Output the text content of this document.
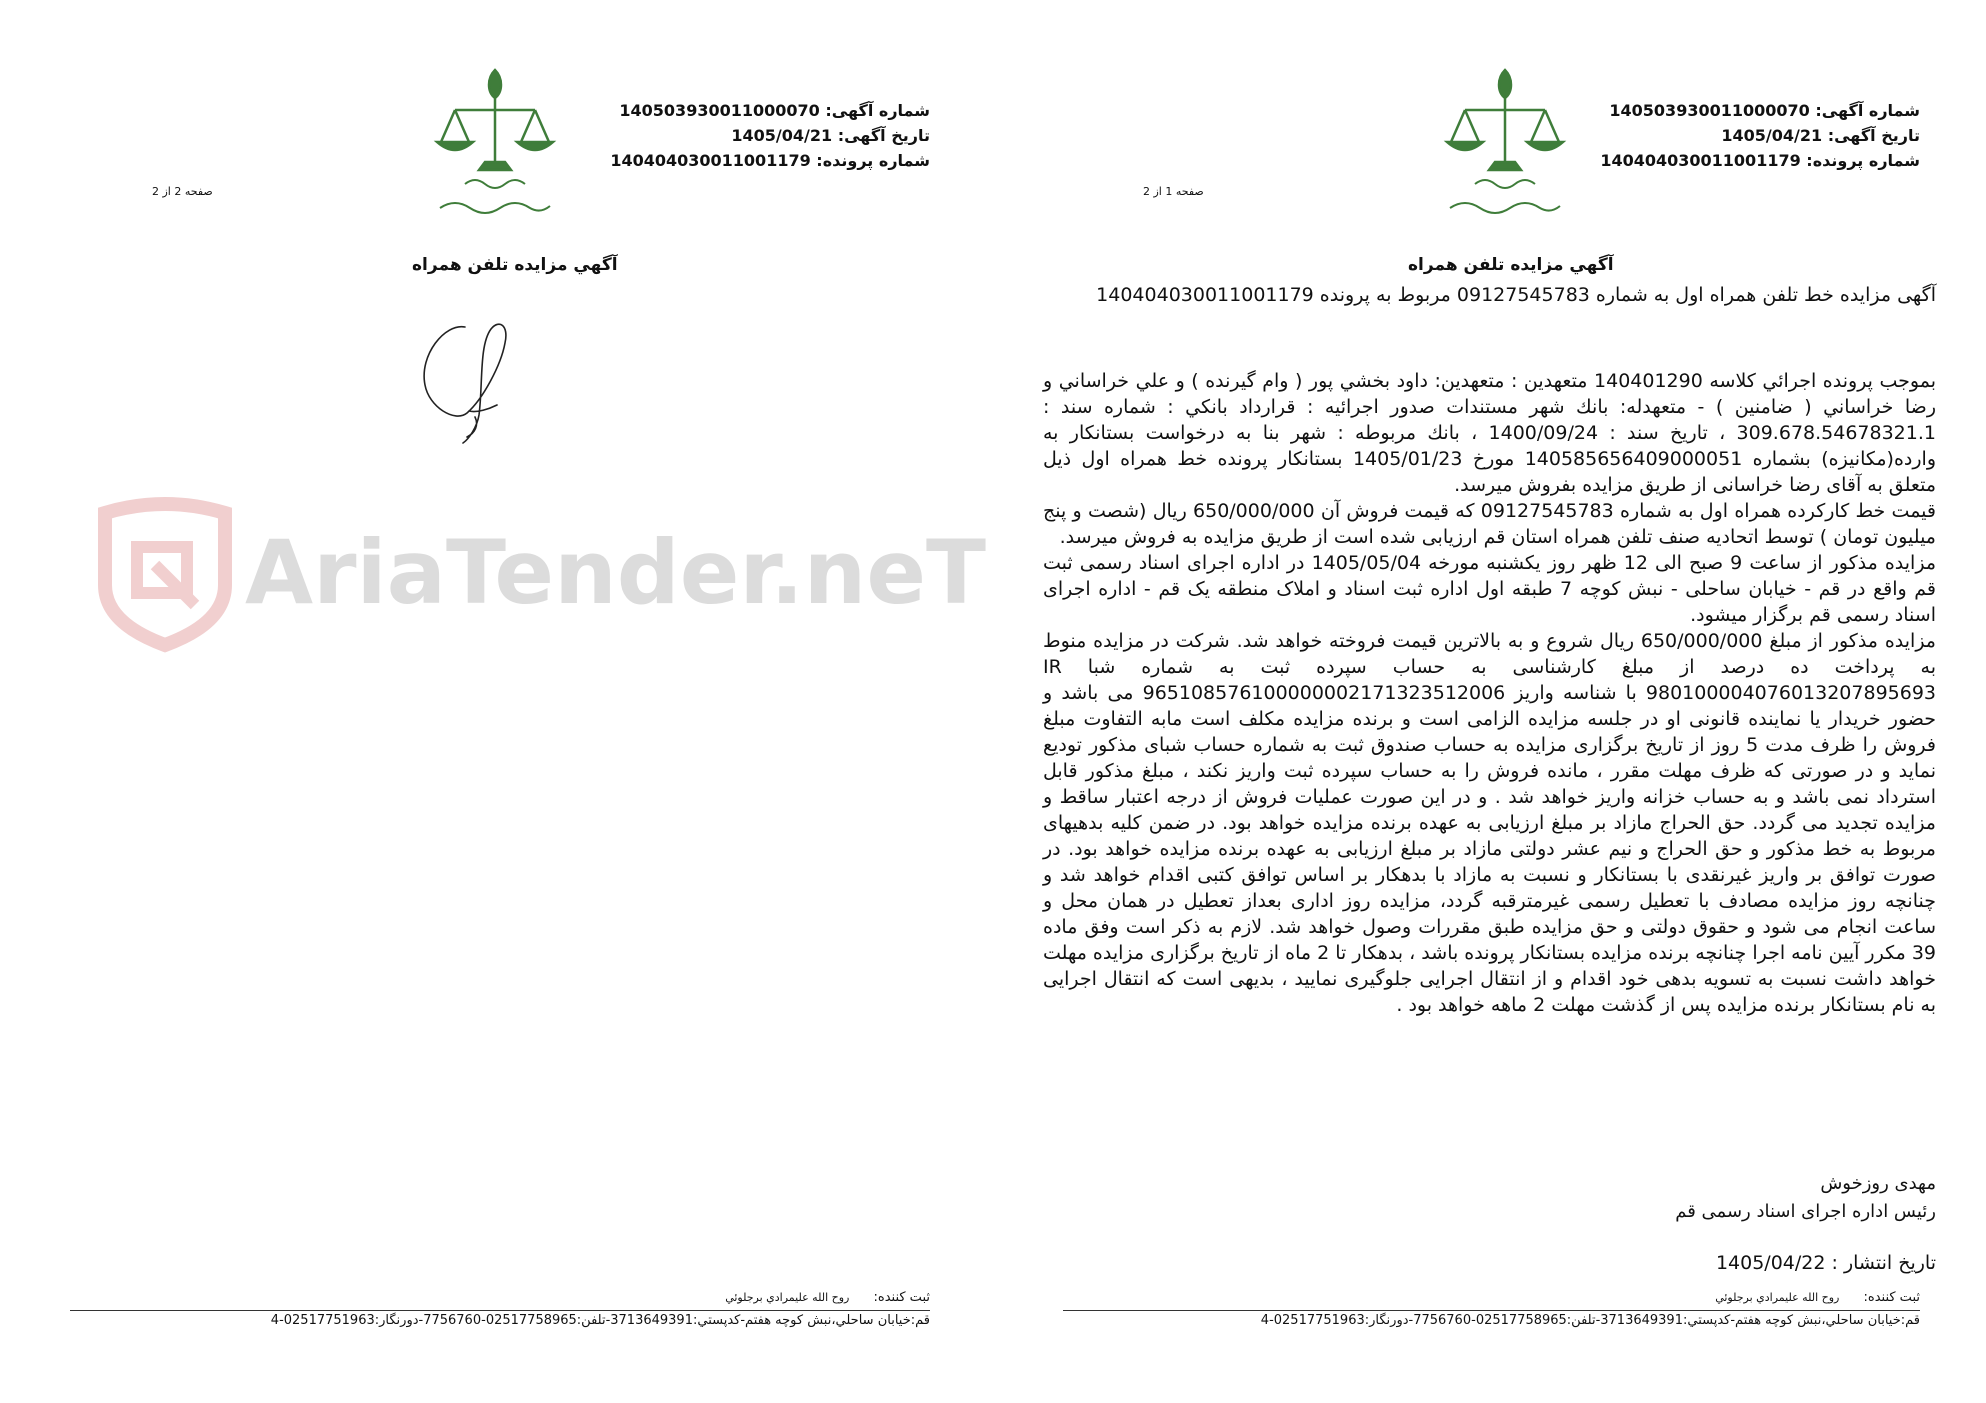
شماره آگهی: 140503930011000070
تاریخ آگهی: 1405/04/21
شماره پرونده: 140404030011001179
قوه قضاییه - سازمان ثبت اسناد و املاک کشور
صفحه 2 از 2
آگهي مزايده تلفن همراه
AriaTender.neT
ثبت كننده: روح الله عليمرادي برجلوئي
قم:خيابان ساحلي،نبش كوچه هفتم-كدپستي:3713649391-تلفن:02517758965-7756760-دورنگار:02517751963-4
شماره آگهی: 140503930011000070
تاریخ آگهی: 1405/04/21
شماره پرونده: 140404030011001179
قوه قضاییه - سازمان ثبت اسناد و املاک کشور
صفحه 1 از 2
آگهي مزايده تلفن همراه
آگهی مزایده خط تلفن همراه اول به شماره 09127545783 مربوط به پرونده 140404030011001179

بموجب پرونده اجرائي كلاسه 140401290 متعهدين : متعهدين: داود بخشي پور ( وام گيرنده ) و علي خراساني و رضا خراساني ( ضامنين ) - متعهدله: بانك شهر مستندات صدور اجرائيه : قرارداد بانكي : شماره سند : 309.678.54678321.1 ، تاريخ سند : 1400/09/24 ، بانك مربوطه : شهر بنا به درخواست بستانكار به وارده(مكانيزه) بشماره 140585656409000051 مورخ 1405/01/23 بستانكار پرونده خط همراه اول ذیل متعلق به آقای رضا خراسانی از طریق مزایده بفروش میرسد.

قیمت خط کارکرده همراه اول به شماره 09127545783 که قیمت فروش آن 650/000/000 ریال (شصت و پنج میلیون تومان ) توسط اتحادیه صنف تلفن همراه استان قم ارزیابی شده است از طریق مزایده به فروش میرسد.

مزایده مذکور از ساعت 9 صبح الی 12 ظهر روز یکشنبه مورخه 1405/05/04 در اداره اجرای اسناد رسمی ثبت قم واقع در قم - خیابان ساحلی - نبش کوچه 7 طبقه اول اداره ثبت اسناد و املاک منطقه یک قم - اداره اجرای اسناد رسمی قم برگزار میشود.

مزایده مذکور از مبلغ 650/000/000 ریال شروع و به بالاترین قیمت فروخته خواهد شد. شرکت در مزایده منوط به پرداخت ده درصد از مبلغ کارشناسی به حساب سپرده ثبت به شماره شبا IR 980100004076013207895693 با شناسه واریز 965108576100000002171323512006 می باشد و حضور خریدار یا نماینده قانونی او در جلسه مزایده الزامی است و برنده مزایده مکلف است مابه التفاوت مبلغ فروش را ظرف مدت 5 روز از تاریخ برگزاری مزایده به حساب صندوق ثبت به شماره حساب شبای مذکور تودیع نماید و در صورتی که ظرف مهلت مقرر ، مانده فروش را به حساب سپرده ثبت واریز نکند ، مبلغ مذکور قابل استرداد نمی باشد و به حساب خزانه واریز خواهد شد . و در این صورت عملیات فروش از درجه اعتبار ساقط و مزایده تجدید می گردد. حق الحراج مازاد بر مبلغ ارزیابی به عهده برنده مزایده خواهد بود. در ضمن کلیه بدهیهای مربوط به خط مذکور و حق الحراج و نیم عشر دولتی مازاد بر مبلغ ارزیابی به عهده برنده مزایده خواهد بود. در صورت توافق بر واریز غیرنقدی با بستانکار و نسبت به مازاد با بدهکار بر اساس توافق کتبی اقدام خواهد شد و چنانچه روز مزایده مصادف با تعطیل رسمی غیرمترقبه گردد، مزایده روز اداری بعداز تعطیل در همان محل و ساعت انجام می شود و حقوق دولتی و حق مزایده طبق مقررات وصول خواهد شد. لازم به ذکر است وفق ماده 39 مکرر آیین نامه اجرا چنانچه برنده مزایده بستانکار پرونده باشد ، بدهکار تا 2 ماه از تاریخ برگزاری مزایده مهلت خواهد داشت نسبت به تسویه بدهی خود اقدام و از انتقال اجرایی جلوگیری نمایید ، بدیهی است که انتقال اجرایی به نام بستانکار برنده مزایده پس از گذشت مهلت 2 ماهه خواهد بود .

مهدی روزخوش
رئیس اداره اجرای اسناد رسمی قم
تاریخ انتشار : 1405/04/22
ثبت كننده: روح الله عليمرادي برجلوئي
قم:خيابان ساحلي،نبش كوچه هفتم-كدپستي:3713649391-تلفن:02517758965-7756760-دورنگار:02517751963-4
